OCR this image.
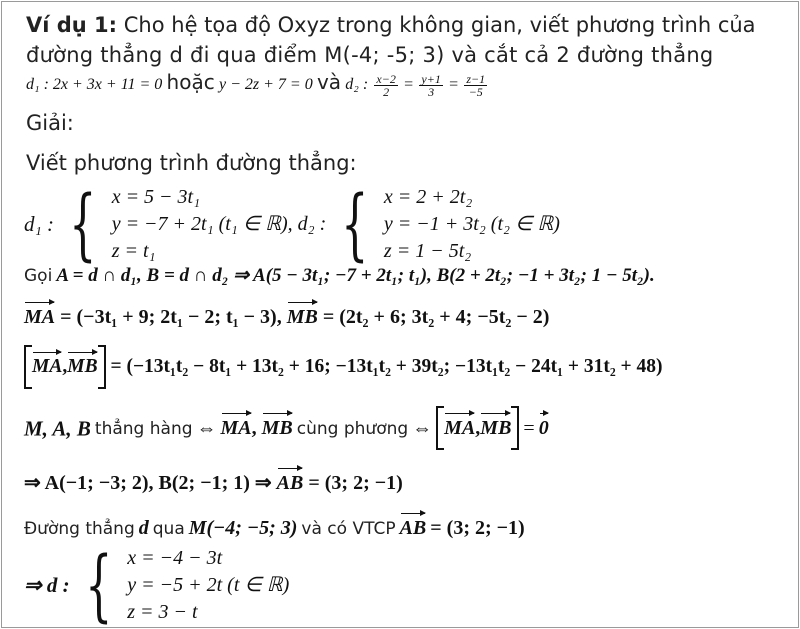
Ví dụ 1: Cho hệ tọa độ Oxyz trong không gian, viết phương trình của
đường thẳng d đi qua điểm M(-4; -5; 3) và cắt cả 2 đường thẳng
d₁ : 2x + 3x + 11 = 0 hoặc y − 2z + 7 = 0 và d₂ : $\frac{x-2}{2} = \frac{y+1}{3} = \frac{z-1}{-5}$
Giải:
Viết phương trình đường thẳng:
d₁ : { x = 5 − 3t₁
y = −7 + 2t₁ (t₁ ∈ ℝ), d₂ :
z = t₁	{ x = 2 + 2t₂
y = −1 + 3t₂ (t₂ ∈ ℝ)
z = 1 − 5t₂
Gọi A = d ∩ d₁, B = d ∩ d₂ ⇒ A(5 − 3t₁; −7 + 2t₁; t₁), B(2 + 2t₂; −1 + 3t₂; 1 − 5t₂).
MA = (−3t₁ + 9; 2t₁ − 2; t₁ − 3), MB = (2t₂ + 6; 3t₂ + 4; −5t₂ − 2)
MA,MB = (−13t₁t₂ − 8t₁ + 13t₂ + 16; −13t₁t₂ + 39t₂; −13t₁t₂ − 24t₁ + 31t₂ + 48)
M, A, B thẳng hàng ⇔ MA, MB cùng phương ⇔ MA,MB = 0
⇒ A(−1; −3; 2), B(2; −1; 1) ⇒ AB = (3; 2; −1)
Đường thẳng d qua M(−4; −5; 3) và có VTCP AB = (3; 2; −1)
⇒ d : { x = −4 − 3t
y = −5 + 2t (t ∈ ℝ)
z = 3 − t
